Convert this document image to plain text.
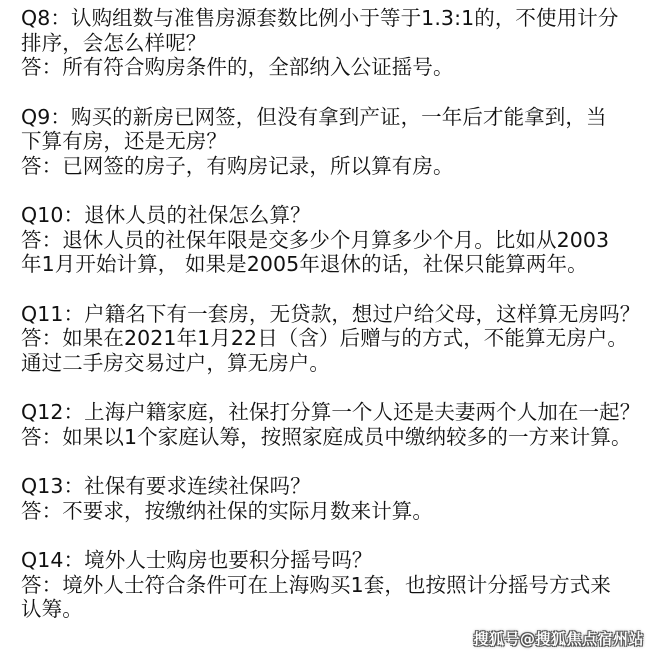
Q8：认购组数与准售房源套数比例小于等于1.3:1的，不使用计分
排序，会怎么样呢？
答：所有符合购房条件的，全部纳入公证摇号。
Q9：购买的新房已网签，但没有拿到产证，一年后才能拿到，当
下算有房，还是无房？
答：已网签的房子，有购房记录，所以算有房。
Q10：退休人员的社保怎么算？
答：退休人员的社保年限是交多少个月算多少个月。比如从2003
年1月开始计算， 如果是2005年退休的话，社保只能算两年。
Q11：户籍名下有一套房，无贷款，想过户给父母，这样算无房吗？
答：如果在2021年1月22日（含）后赠与的方式，不能算无房户。
通过二手房交易过户，算无房户。
Q12：上海户籍家庭，社保打分算一个人还是夫妻两个人加在一起？
答：如果以1个家庭认筹，按照家庭成员中缴纳较多的一方来计算。
Q13：社保有要求连续社保吗？
答：不要求，按缴纳社保的实际月数来计算。
Q14：境外人士购房也要积分摇号吗？
答：境外人士符合条件可在上海购买1套，也按照计分摇号方式来
认筹。
搜狐号@搜狐焦点宿州站
